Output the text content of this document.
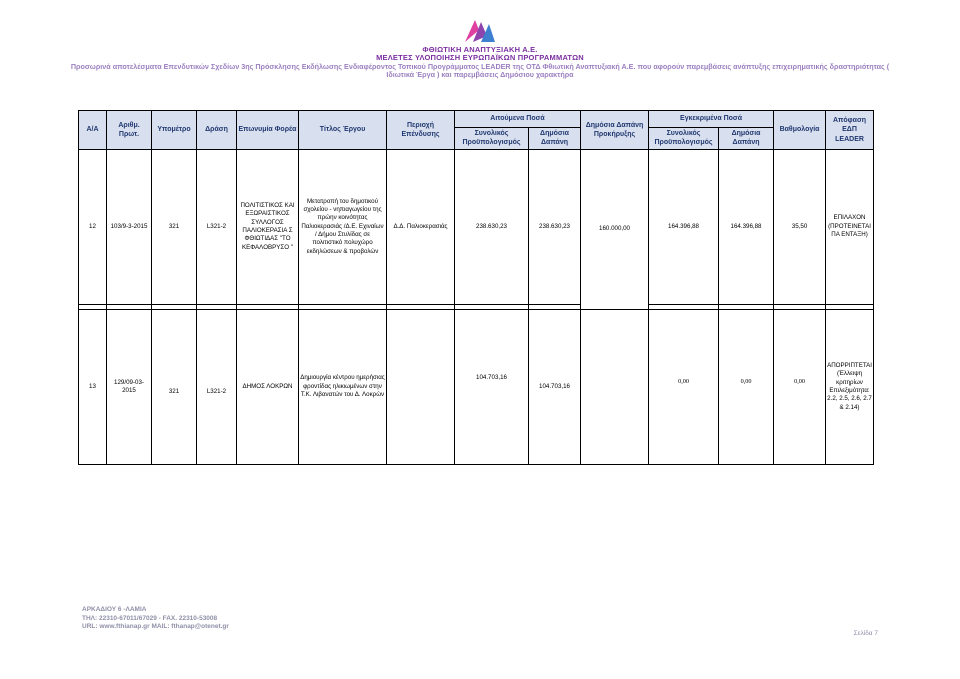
ΦΘΙΩΤΙΚΗ ΑΝΑΠΤΥΞΙΑΚΗ Α.Ε.
ΜΕΛΕΤΕΣ ΥΛΟΠΟΙΗΣΗ ΕΥΡΩΠΑΪΚΩΝ ΠΡΟΓΡΑΜΜΑΤΩΝ
Προσωρινά αποτελέσματα Επενδυτικών Σχεδίων 3ης Πρόσκλησης Εκδήλωσης Ενδιαφέροντος Τοπικού Προγράμματος LEADER της ΟΤΔ Φθιωτική Αναπτυξιακή Α.Ε. που αφορούν παρεμβάσεις ανάπτυξης επιχειρηματικής δραστηριότητας (
Ιδιωτικά Έργα ) και παρεμβάσεις Δημόσιου χαρακτήρα
Α/Α	Αριθμ. Πρωτ.	Υπομέτρο	Δράση	Επωνυμία Φορέα	Τίτλος Έργου	Περιοχή Επένδυσης	Αιτούμενα Ποσά		Δημόσια Δαπάνη Προκήρυξης	Εγκεκριμένα Ποσά		Βαθμολογία	Απόφαση ΕΔΠ LEADER
							Συνολικός Προϋπολογισμός	Δημόσια Δαπάνη		Συνολικός Προϋπολογισμός	Δημόσια Δαπάνη		
12	103/9-3-2015	321	L321-2	ΠΟΛΙΤΙΣΤΙΚΟΣ ΚΑΙ ΕΞΩΡΑΙΣΤΙΚΟΣ ΣΥΛΛΟΓΟΣ ΠΑΛΙΟΚΕΡΑΣΙΑ Σ ΦΘΙΩΤΙΔΑΣ "ΤΟ ΚΕΦΑΛΟΒΡΥΣΟ "	Μετατροπή του δημοτικού σχολείου - νηπιαγωγείου της πρώην κοινότητας Παλιοκερασιάς /Δ.Ε. Εχιναίων / Δήμου Στυλίδας σε πολιτιστικό πολυχώρο εκδηλώσεων & προβολών	Δ.Δ. Παλιοκερασιάς	238.630,23	238.630,23	160.000,00	164.396,88	164.396,88	35,50	ΕΠΙΛΑΧΟΝ (ΠΡΟΤΕΙΝΕΤΑΙ ΠΑ ΕΝΤΑΞΗ)

13	129/09-03-2015	321	L321-2	ΔΗΜΟΣ ΛΟΚΡΩΝ	Δημιουργία κέντρου ημερήσιας φροντίδας ηλικιωμένων στην Τ.Κ. Λιβανατών του Δ. Λοκρών		104.703,16	104.703,16		0,00	0,00	0,00	ΑΠΟΡΡΙΠΤΕΤΑΙ (Έλλειψη κριτηρίων Επιλεξιμότητα: 2.2, 2.5, 2.6, 2.7 & 2.14)
ΑΡΚΑΔΙΟΥ 6 -ΛΑΜΙΑ
ΤΗΛ: 22310-67011/67029 - FAX. 22310-53008
URL: www.fthianap.gr MAIL: fthanap@otenet.gr
Σελίδα 7
